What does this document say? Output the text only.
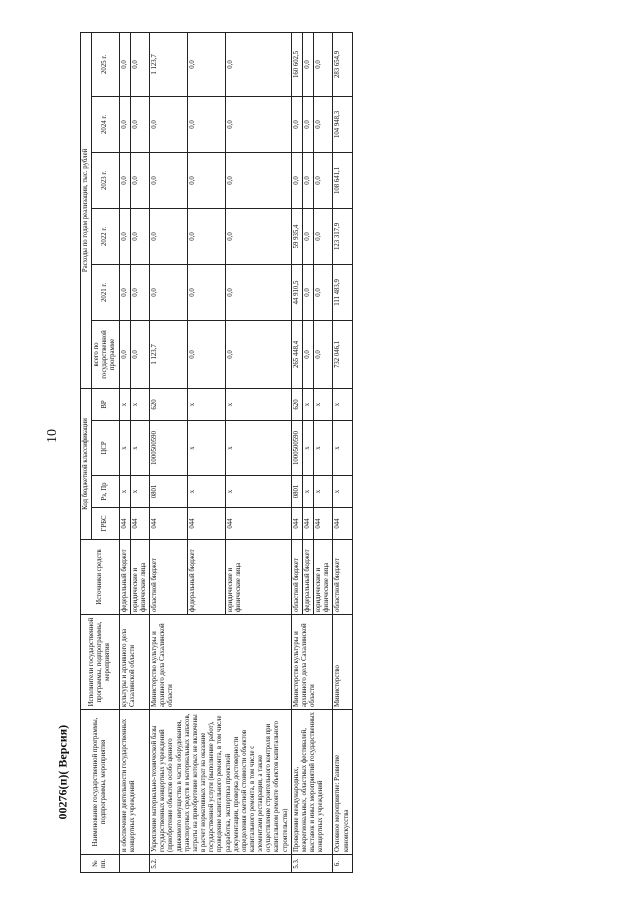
10
№ пп.	Наименование государственной программы, подпрограммы, мероприятия	Исполнители государственной программы, подпрограммы, мероприятия	Источники средств	Код бюджетной классификации				Расходы по годам реализации, тыс. рублей					
				ГРБС	Рз, Пр	ЦСР	ВР	всего по государственной программе	2021 г.	2022 г.	2023 г.	2024 г.	2025 г.
	и обеспечение деятельности государственных концертных учреждений	культуры и архивного дела Сахалинской области	федеральный бюджет	044	x	x	x	0,0	0,0	0,0	0,0	0,0	0,0
			юридические и физические лица	044	x	x	x	0,0	0,0	0,0	0,0	0,0	0,0
5.2.	Укрепление материально-технической базы государственных концертных учреждений (приобретение объектов особо ценного движимого имущества в части оборудования, транспортных средств и материальных запасов, затраты на приобретение которых не включены в расчет нормативных затрат на оказание государственной услуги (выполнение работ), проведение капитального ремонта, в том числе разработка, экспертиза проектной документации, проверка достоверности определения сметной стоимости объектов капитального ремонта, в том числе с элементами реставрации, а также осуществление строительного контроля при капитальном ремонте объектов капитального строительства)	Министерство культуры и архивного дела Сахалинской области	областной бюджет	044	0801	1000500590	620	1 123,7	0,0	0,0	0,0	0,0	1 123,7
			федеральный бюджет	044	x	x	x	0,0	0,0	0,0	0,0	0,0	0,0
			юридические и физические лица	044	x	x	x	0,0	0,0	0,0	0,0	0,0	0,0
5.3.	Проведение международных, межрегиональных, областных фестивалей, выставок и иных мероприятий государственных концертных учреждений	Министерство культуры и архивного дела Сахалинской области	областной бюджет	044	0801	1000500590	620	265 448,4	44 910,5	59 935,4	0,0	0,0	160 602,5
			федеральный бюджет	044	x	x	x	0,0	0,0	0,0	0,0	0,0	0,0
			юридические и физические лица	044	x	x	x	0,0	0,0	0,0	0,0	0,0	0,0
6.	Основное мероприятие: Развитие киноискусства	Министерство	областной бюджет	044	x	x	x	732 046,1	111 483,9	123 317,9	108 641,1	104 948,3	283 654,9
00276(п)( Версия)
